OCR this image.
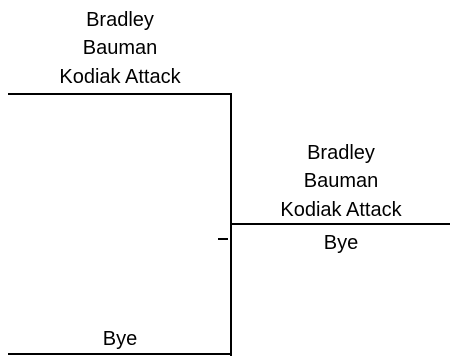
Bradley
Bauman
Kodiak Attack
Bye
Bradley
Bauman
Kodiak Attack
Bye
